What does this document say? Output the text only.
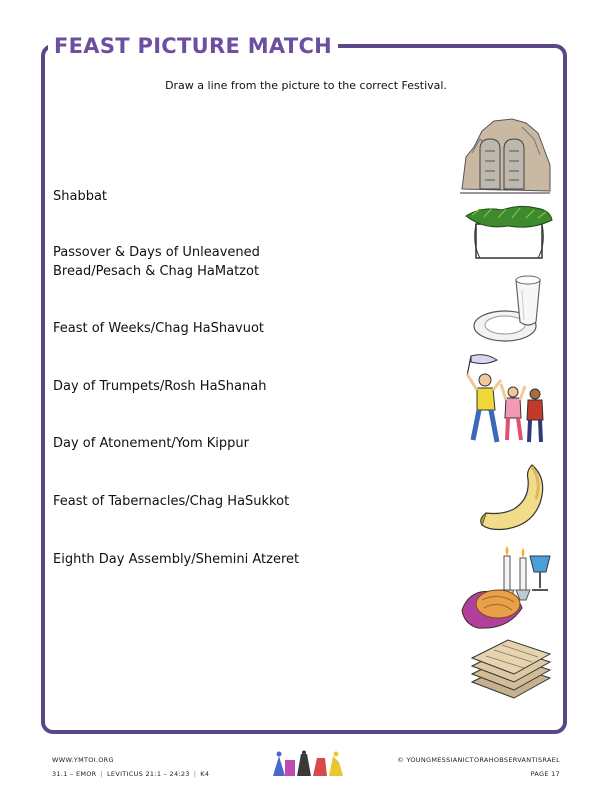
FEAST PICTURE MATCH
Draw a line from the picture to the correct Festival.
Shabbat
Passover & Days of Unleavened
Bread/Pesach & Chag HaMatzot
Feast of Weeks/Chag HaShavuot
Day of Trumpets/Rosh HaShanah
Day of Atonement/Yom Kippur
Feast of Tabernacles/Chag HaSukkot
Eighth Day Assembly/Shemini Atzeret
WWW.YMTOI.ORG
31.1 – EMOR | LEVITICUS 21:1 – 24:23 | K4
© YOUNGMESSIANICTORAHOBSERVANTISRAEL
PAGE 17
